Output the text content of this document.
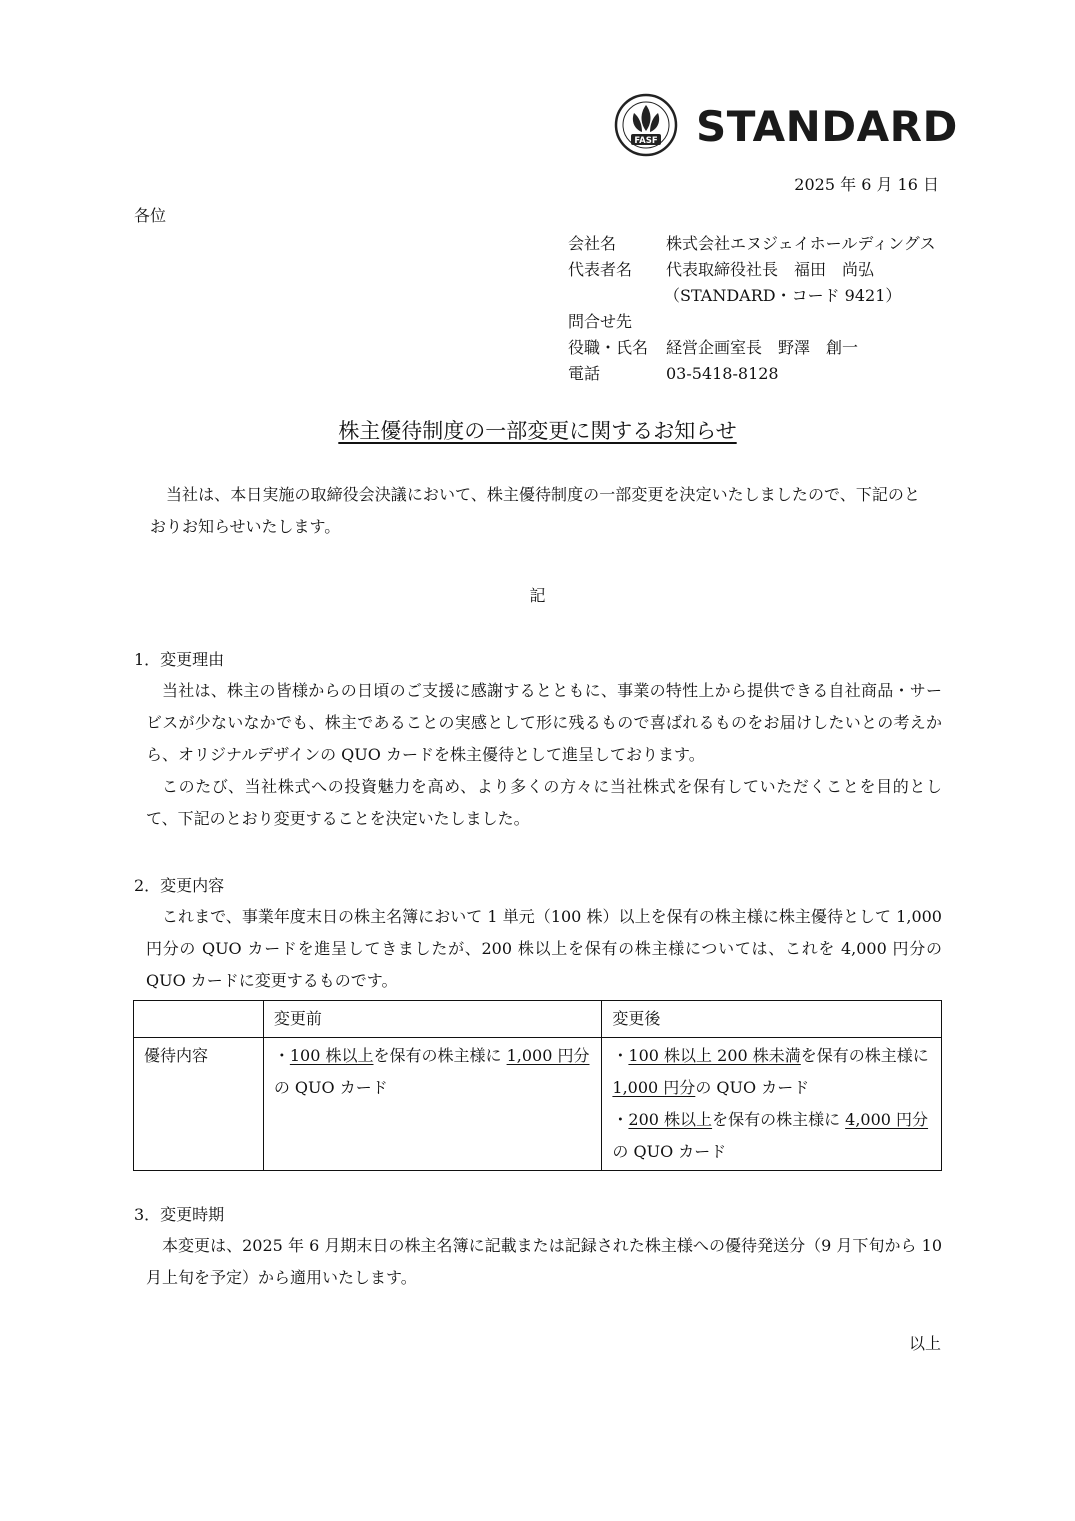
FASF STANDARD
2025 年 6 月 16 日
各位
会社名	株式会社エヌジェイホールディングス
代表者名 代表取締役社長　福田　尚弘
（STANDARD・コード 9421）
問合せ先
役職・氏名 経営企画室長　野澤　創一
電話	03-5418-8128
株主優待制度の一部変更に関するお知らせ
当社は、本日実施の取締役会決議において、株主優待制度の一部変更を決定いたしましたので、下記のとおりお知らせいたします。
記
1．変更理由
当社は、株主の皆様からの日頃のご支援に感謝するとともに、事業の特性上から提供できる自社商品・サービスが少ないなかでも、株主であることの実感として形に残るもので喜ばれるものをお届けしたいとの考えから、オリジナルデザインの QUO カードを株主優待として進呈しております。
このたび、当社株式への投資魅力を高め、より多くの方々に当社株式を保有していただくことを目的として、下記のとおり変更することを決定いたしました。
2．変更内容
これまで、事業年度末日の株主名簿において 1 単元（100 株）以上を保有の株主様に株主優待として 1,000 円分の QUO カードを進呈してきましたが、200 株以上を保有の株主様については、これを 4,000 円分の QUO カードに変更するものです。
	変更前	変更後
優待内容	・100 株以上を保有の株主様に 1,000 円分の QUO カード	・100 株以上 200 株未満を保有の株主様に 1,000 円分の QUO カード
・200 株以上を保有の株主様に 4,000 円分の QUO カード
3．変更時期
本変更は、2025 年 6 月期末日の株主名簿に記載または記録された株主様への優待発送分（9 月下旬から 10 月上旬を予定）から適用いたします。
以上
